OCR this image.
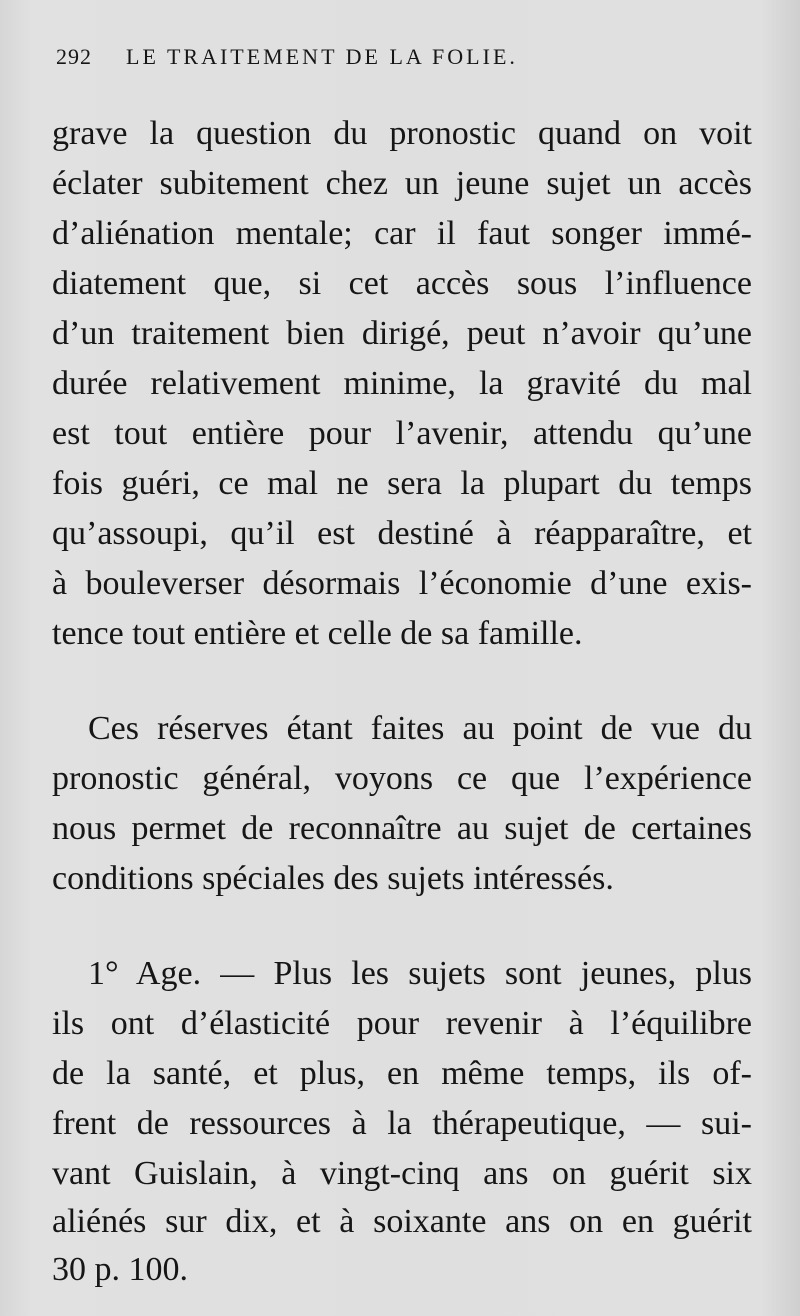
292 LE TRAITEMENT DE LA FOLIE.
grave la question du pronostic quand on voit
éclater subitement chez un jeune sujet un accès
d’aliénation mentale; car il faut songer immé-
diatement que, si cet accès sous l’influence
d’un traitement bien dirigé, peut n’avoir qu’une
durée relativement minime, la gravité du mal
est tout entière pour l’avenir, attendu qu’une
fois guéri, ce mal ne sera la plupart du temps
qu’assoupi, qu’il est destiné à réapparaître, et
à bouleverser désormais l’économie d’une exis-
tence tout entière et celle de sa famille.
Ces réserves étant faites au point de vue du
pronostic général, voyons ce que l’expérience
nous permet de reconnaître au sujet de certaines
conditions spéciales des sujets intéressés.
1° Age. — Plus les sujets sont jeunes, plus
ils ont d’élasticité pour revenir à l’équilibre
de la santé, et plus, en même temps, ils of-
frent de ressources à la thérapeutique, — sui-
vant Guislain, à vingt-cinq ans on guérit six
aliénés sur dix, et à soixante ans on en guérit
30 p. 100.
